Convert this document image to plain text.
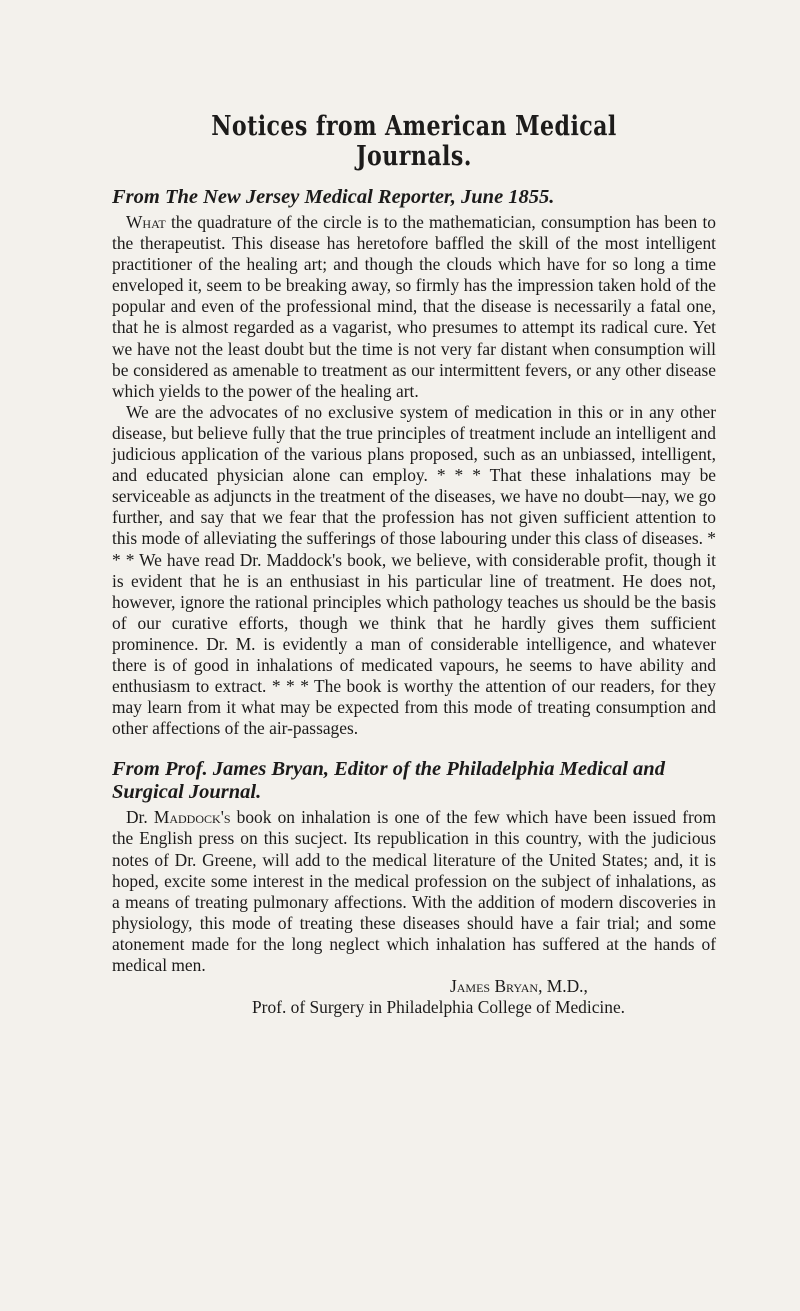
Notices from American Medical Journals.
From The New Jersey Medical Reporter, June 1855.

What the quadrature of the circle is to the mathematician, consumption has been to the therapeutist. This disease has heretofore baffled the skill of the most intelligent practitioner of the healing art; and though the clouds which have for so long a time enveloped it, seem to be breaking away, so firmly has the impression taken hold of the popular and even of the professional mind, that the disease is necessarily a fatal one, that he is almost regarded as a vagarist, who presumes to attempt its radical cure. Yet we have not the least doubt but the time is not very far distant when consumption will be considered as amenable to treatment as our intermittent fevers, or any other disease which yields to the power of the healing art.

We are the advocates of no exclusive system of medication in this or in any other disease, but believe fully that the true principles of treatment include an intelligent and judicious application of the various plans proposed, such as an unbiassed, intelligent, and educated physician alone can employ. * * * That these inhalations may be serviceable as adjuncts in the treatment of the diseases, we have no doubt—nay, we go further, and say that we fear that the profession has not given sufficient attention to this mode of alleviating the sufferings of those labouring under this class of diseases. * * * We have read Dr. Maddock's book, we believe, with considerable profit, though it is evident that he is an enthusiast in his particular line of treatment. He does not, however, ignore the rational principles which pathology teaches us should be the basis of our curative efforts, though we think that he hardly gives them sufficient prominence. Dr. M. is evidently a man of considerable intelligence, and whatever there is of good in inhalations of medicated vapours, he seems to have ability and enthusiasm to extract. * * * The book is worthy the attention of our readers, for they may learn from it what may be expected from this mode of treating consumption and other affections of the air-passages.

From Prof. James Bryan, Editor of the Philadelphia Medical and Surgical Journal.

Dr. Maddock's book on inhalation is one of the few which have been issued from the English press on this sucject. Its republication in this country, with the judicious notes of Dr. Greene, will add to the medical literature of the United States; and, it is hoped, excite some interest in the medical profession on the subject of inhalations, as a means of treating pulmonary affections. With the addition of modern discoveries in physiology, this mode of treating these diseases should have a fair trial; and some atonement made for the long neglect which inhalation has suffered at the hands of medical men.

James Bryan, M.D.,
Prof. of Surgery in Philadelphia College of Medicine.
